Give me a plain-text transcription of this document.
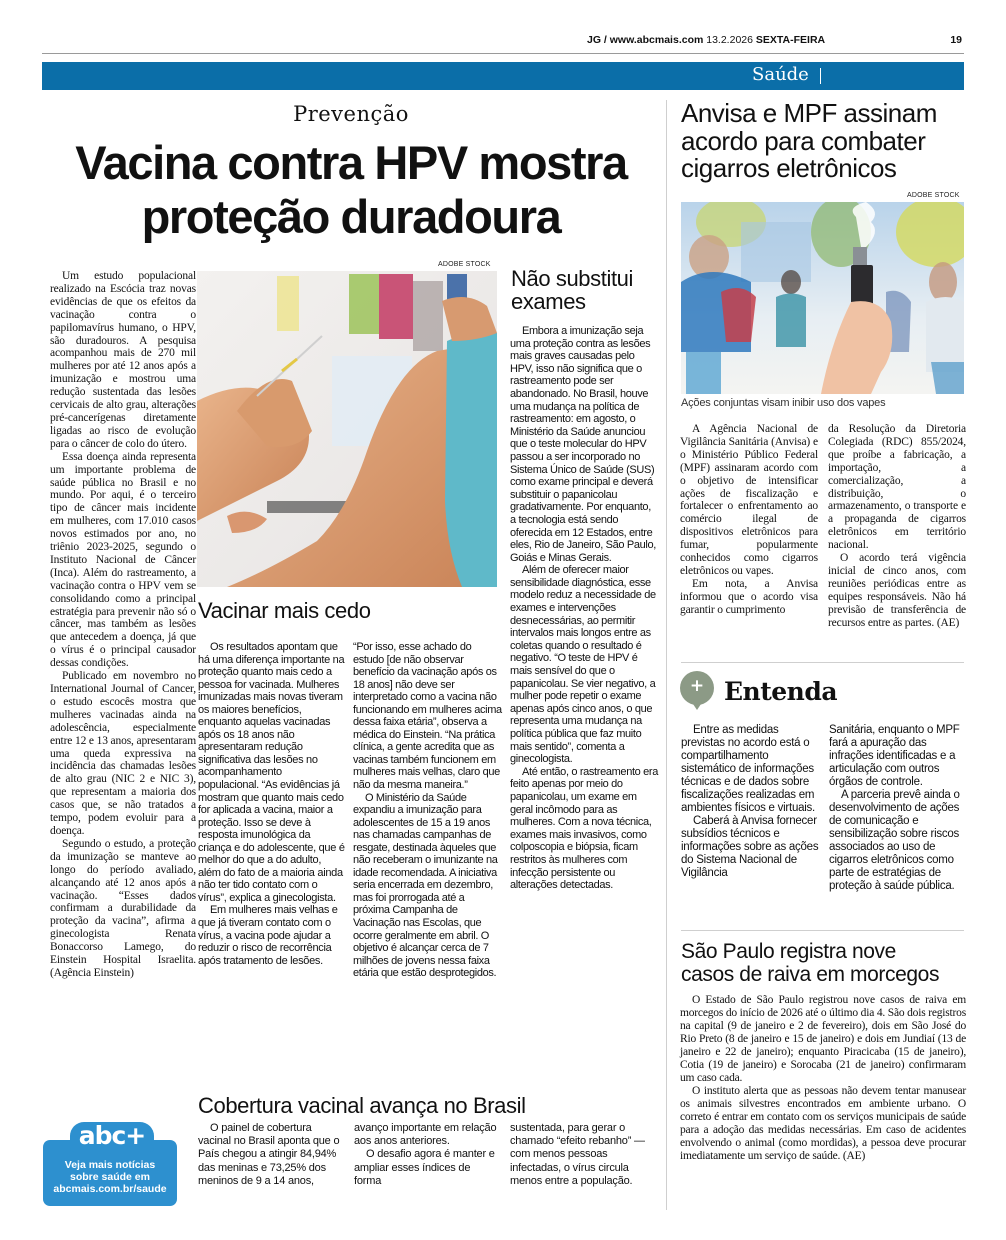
JG / www.abcmais.com 13.2.2026 SEXTA-FEIRA	19
Saúde
Prevenção
Vacina contra HPV mostra
proteção duradoura

Um estudo populacional realizado na Escócia traz novas evidências de que os efeitos da vacinação contra o papilomavírus humano, o HPV, são duradouros. A pesquisa acompanhou mais de 270 mil mulheres por até 12 anos após a imunização e mostrou uma redução sustentada das lesões cervicais de alto grau, alterações pré-cancerígenas diretamente ligadas ao risco de evolução para o câncer de colo do útero.

Essa doença ainda representa um importante problema de saúde pública no Brasil e no mundo. Por aqui, é o terceiro tipo de câncer mais incidente em mulheres, com 17.010 casos novos estimados por ano, no triênio 2023-2025, segundo o Instituto Nacional de Câncer (Inca). Além do rastreamento, a vacinação contra o HPV vem se consolidando como a principal estratégia para prevenir não só o câncer, mas também as lesões que antecedem a doença, já que o vírus é o principal causador dessas condições.

Publicado em novembro no International Journal of Cancer, o estudo escocês mostra que mulheres vacinadas ainda na adolescência, especialmente entre 12 e 13 anos, apresentaram uma queda expressiva na incidência das chamadas lesões de alto grau (NIC 2 e NIC 3), que representam a maioria dos casos que, se não tratados a tempo, podem evoluir para a doença.

Segundo o estudo, a proteção da imunização se manteve ao longo do período avaliado, alcançando até 12 anos após a vacinação. “Esses dados confirmam a durabilidade da proteção da vacina”, afirma a ginecologista Renata Bonaccorso Lamego, do Einstein Hospital Israelita. (Agência Einstein)

ADOBE STOCK
Vacinar mais cedo

Os resultados apontam que há uma diferença importante na proteção quanto mais cedo a pessoa for vacinada. Mulheres imunizadas mais novas tiveram os maiores benefícios, enquanto aquelas vacinadas após os 18 anos não apresentaram redução significativa das lesões no acompanhamento populacional. “As evidências já mostram que quanto mais cedo for aplicada a vacina, maior a proteção. Isso se deve à resposta imunológica da criança e do adolescente, que é melhor do que a do adulto, além do fato de a maioria ainda não ter tido contato com o vírus”, explica a ginecologista.

Em mulheres mais velhas e que já tiveram contato com o vírus, a vacina pode ajudar a reduzir o risco de recorrência após tratamento de lesões.

“Por isso, esse achado do estudo [de não observar benefício da vacinação após os 18 anos] não deve ser interpretado como a vacina não funcionando em mulheres acima dessa faixa etária”, observa a médica do Einstein. “Na prática clínica, a gente acredita que as vacinas também funcionem em mulheres mais velhas, claro que não da mesma maneira.”

O Ministério da Saúde expandiu a imunização para adolescentes de 15 a 19 anos nas chamadas campanhas de resgate, destinada àqueles que não receberam o imunizante na idade recomendada. A iniciativa seria encerrada em dezembro, mas foi prorrogada até a próxima Campanha de Vacinação nas Escolas, que ocorre geralmente em abril. O objetivo é alcançar cerca de 7 milhões de jovens nessa faixa etária que estão desprotegidos.

Não substitui exames

Embora a imunização seja uma proteção contra as lesões mais graves causadas pelo HPV, isso não significa que o rastreamento pode ser abandonado. No Brasil, houve uma mudança na política de rastreamento: em agosto, o Ministério da Saúde anunciou que o teste molecular do HPV passou a ser incorporado no Sistema Único de Saúde (SUS) como exame principal e deverá substituir o papanicolau gradativamente. Por enquanto, a tecnologia está sendo oferecida em 12 Estados, entre eles, Rio de Janeiro, São Paulo, Goiás e Minas Gerais.

Além de oferecer maior sensibilidade diagnóstica, esse modelo reduz a necessidade de exames e intervenções desnecessárias, ao permitir intervalos mais longos entre as coletas quando o resultado é negativo. “O teste de HPV é mais sensível do que o papanicolau. Se vier negativo, a mulher pode repetir o exame apenas após cinco anos, o que representa uma mudança na política pública que faz muito mais sentido”, comenta a ginecologista.

Até então, o rastreamento era feito apenas por meio do papanicolau, um exame em geral incômodo para as mulheres. Com a nova técnica, exames mais invasivos, como colposcopia e biópsia, ficam restritos às mulheres com infecção persistente ou alterações detectadas.

Cobertura vacinal avança no Brasil

O painel de cobertura vacinal no Brasil aponta que o País chegou a atingir 84,94% das meninas e 73,25% dos meninos de 9 a 14 anos,

avanço importante em relação aos anos anteriores.

O desafio agora é manter e ampliar esses índices de forma

sustentada, para gerar o chamado “efeito rebanho” — com menos pessoas infectadas, o vírus circula menos entre a população.

Veja mais notícias
sobre saúde em
abcmais.com.br/saude
abc+
Anvisa e MPF assinam
acordo para combater
cigarros eletrônicos
ADOBE STOCK
Ações conjuntas visam inibir uso dos vapes

A Agência Nacional de Vigilância Sanitária (Anvisa) e o Ministério Público Federal (MPF) assinaram acordo com o objetivo de intensificar ações de fiscalização e fortalecer o enfrentamento ao comércio ilegal de dispositivos eletrônicos para fumar, popularmente conhecidos como cigarros eletrônicos ou vapes.

Em nota, a Anvisa informou que o acordo visa garantir o cumprimento

da Resolução da Diretoria Colegiada (RDC) 855/2024, que proíbe a fabricação, a importação, a comercialização, a distribuição, o armazenamento, o transporte e a propaganda de cigarros eletrônicos em território nacional.

O acordo terá vigência inicial de cinco anos, com reuniões periódicas entre as equipes responsáveis. Não há previsão de transferência de recursos entre as partes. (AE)

+ Entenda

Entre as medidas previstas no acordo está o compartilhamento sistemático de informações técnicas e de dados sobre fiscalizações realizadas em ambientes físicos e virtuais.

Caberá à Anvisa fornecer subsídios técnicos e informações sobre as ações do Sistema Nacional de Vigilância

Sanitária, enquanto o MPF fará a apuração das infrações identificadas e a articulação com outros órgãos de controle.

A parceria prevê ainda o desenvolvimento de ações de comunicação e sensibilização sobre riscos associados ao uso de cigarros eletrônicos como parte de estratégias de proteção à saúde pública.

São Paulo registra nove
casos de raiva em morcegos

O Estado de São Paulo registrou nove casos de raiva em morcegos do início de 2026 até o último dia 4. São dois registros na capital (9 de janeiro e 2 de fevereiro), dois em São José do Rio Preto (8 de janeiro e 15 de janeiro) e dois em Jundiaí (13 de janeiro e 22 de janeiro); enquanto Piracicaba (15 de janeiro), Cotia (19 de janeiro) e Sorocaba (21 de janeiro) confirmaram um caso cada.

O instituto alerta que as pessoas não devem tentar manusear os animais silvestres encontrados em ambiente urbano. O correto é entrar em contato com os serviços municipais de saúde para a adoção das medidas necessárias. Em caso de acidentes envolvendo o animal (como mordidas), a pessoa deve procurar imediatamente um serviço de saúde. (AE)
